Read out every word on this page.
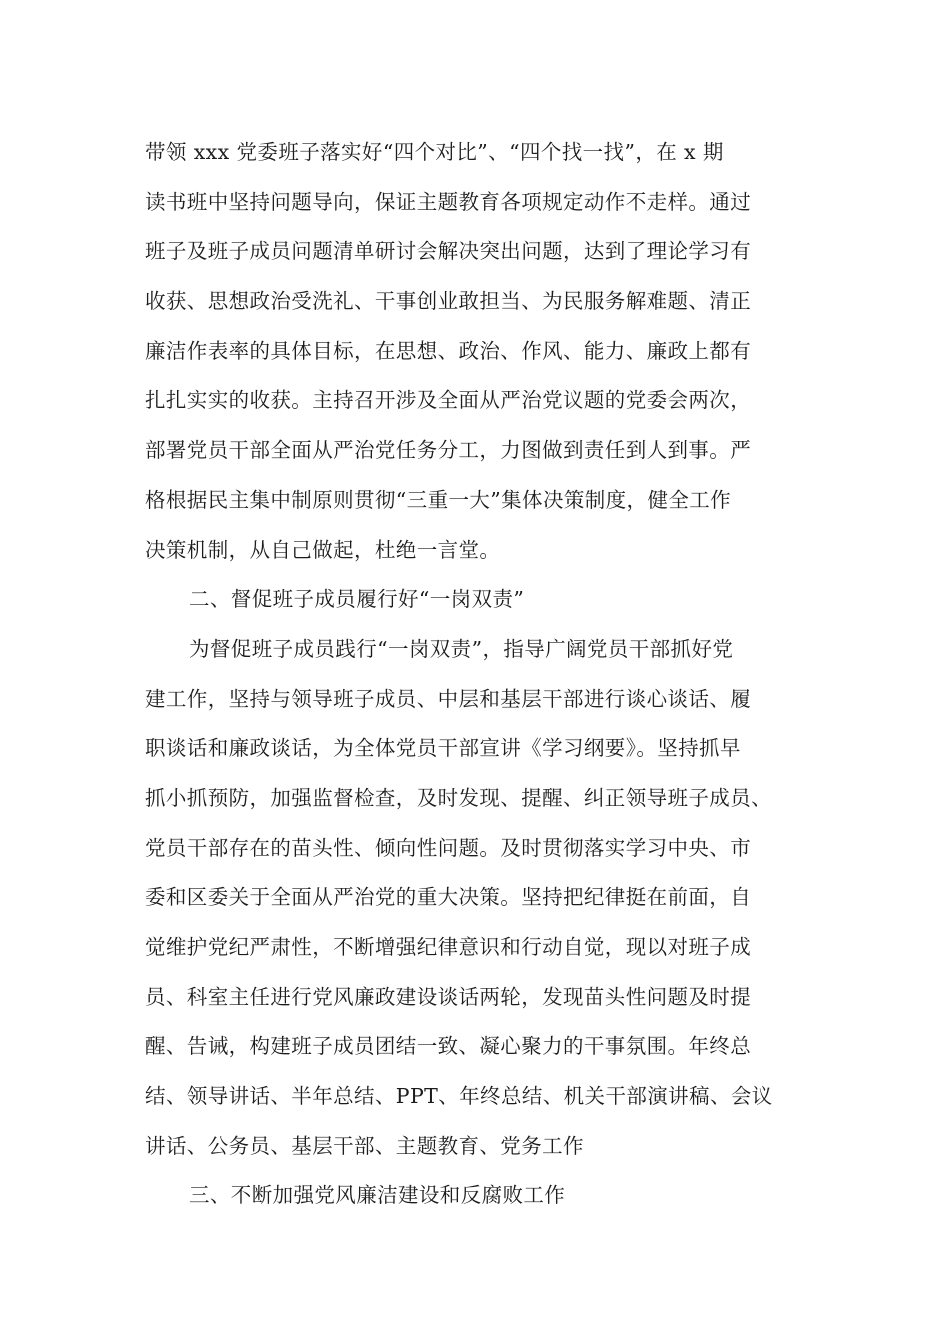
带领 xxx 党委班子落实好“四个对比”、“四个找一找”，在 x 期
读书班中坚持问题导向，保证主题教育各项规定动作不走样。通过
班子及班子成员问题清单研讨会解决突出问题，达到了理论学习有
收获、思想政治受洗礼、干事创业敢担当、为民服务解难题、清正
廉洁作表率的具体目标，在思想、政治、作风、能力、廉政上都有
扎扎实实的收获。主持召开涉及全面从严治党议题的党委会两次，
部署党员干部全面从严治党任务分工，力图做到责任到人到事。严
格根据民主集中制原则贯彻“三重一大”集体决策制度，健全工作
决策机制，从自己做起，杜绝一言堂。
二、督促班子成员履行好“一岗双责”
为督促班子成员践行“一岗双责”，指导广阔党员干部抓好党
建工作，坚持与领导班子成员、中层和基层干部进行谈心谈话、履
职谈话和廉政谈话，为全体党员干部宣讲《学习纲要》。坚持抓早
抓小抓预防，加强监督检查，及时发现、提醒、纠正领导班子成员、
党员干部存在的苗头性、倾向性问题。及时贯彻落实学习中央、市
委和区委关于全面从严治党的重大决策。坚持把纪律挺在前面，自
觉维护党纪严肃性，不断增强纪律意识和行动自觉，现以对班子成
员、科室主任进行党风廉政建设谈话两轮，发现苗头性问题及时提
醒、告诫，构建班子成员团结一致、凝心聚力的干事氛围。年终总
结、领导讲话、半年总结、PPT、年终总结、机关干部演讲稿、会议
讲话、公务员、基层干部、主题教育、党务工作
三、不断加强党风廉洁建设和反腐败工作
